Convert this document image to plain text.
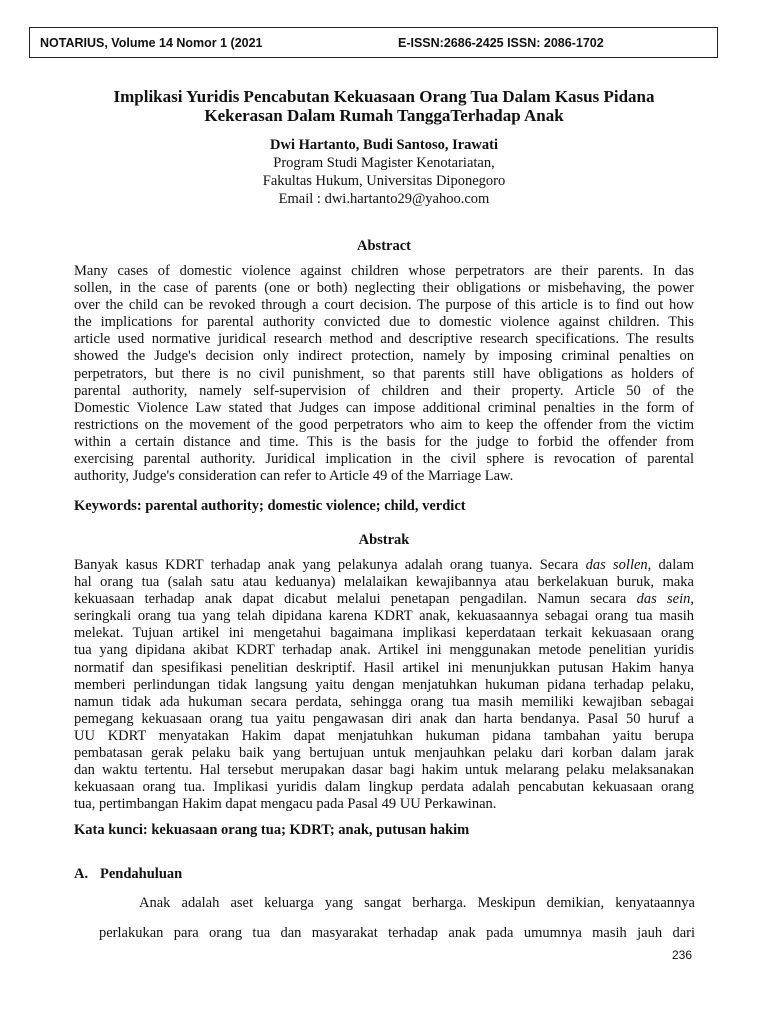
NOTARIUS, Volume 14 Nomor 1 (2021	E-ISSN:2686-2425 ISSN: 2086-1702
Implikasi Yuridis Pencabutan Kekuasaan Orang Tua Dalam Kasus Pidana
Kekerasan Dalam Rumah TanggaTerhadap Anak
Dwi Hartanto, Budi Santoso, Irawati
Program Studi Magister Kenotariatan,
Fakultas Hukum, Universitas Diponegoro
Email : dwi.hartanto29@yahoo.com
Abstract
Many cases of domestic violence against children whose perpetrators are their parents. In das
sollen, in the case of parents (one or both) neglecting their obligations or misbehaving, the power
over the child can be revoked through a court decision. The purpose of this article is to find out how
the implications for parental authority convicted due to domestic violence against children. This
article used normative juridical research method and descriptive research specifications. The results
showed the Judge's decision only indirect protection, namely by imposing criminal penalties on
perpetrators, but there is no civil punishment, so that parents still have obligations as holders of
parental authority, namely self-supervision of children and their property. Article 50 of the
Domestic Violence Law stated that Judges can impose additional criminal penalties in the form of
restrictions on the movement of the good perpetrators who aim to keep the offender from the victim
within a certain distance and time. This is the basis for the judge to forbid the offender from
exercising parental authority. Juridical implication in the civil sphere is revocation of parental
authority, Judge's consideration can refer to Article 49 of the Marriage Law.
Keywords: parental authority; domestic violence; child, verdict
Abstrak
Banyak kasus KDRT terhadap anak yang pelakunya adalah orang tuanya. Secara das sollen, dalam
hal orang tua (salah satu atau keduanya) melalaikan kewajibannya atau berkelakuan buruk, maka
kekuasaan terhadap anak dapat dicabut melalui penetapan pengadilan. Namun secara das sein,
seringkali orang tua yang telah dipidana karena KDRT anak, kekuasaannya sebagai orang tua masih
melekat. Tujuan artikel ini mengetahui bagaimana implikasi keperdataan terkait kekuasaan orang
tua yang dipidana akibat KDRT terhadap anak. Artikel ini menggunakan metode penelitian yuridis
normatif dan spesifikasi penelitian deskriptif. Hasil artikel ini menunjukkan putusan Hakim hanya
memberi perlindungan tidak langsung yaitu dengan menjatuhkan hukuman pidana terhadap pelaku,
namun tidak ada hukuman secara perdata, sehingga orang tua masih memiliki kewajiban sebagai
pemegang kekuasaan orang tua yaitu pengawasan diri anak dan harta bendanya. Pasal 50 huruf a
UU KDRT menyatakan Hakim dapat menjatuhkan hukuman pidana tambahan yaitu berupa
pembatasan gerak pelaku baik yang bertujuan untuk menjauhkan pelaku dari korban dalam jarak
dan waktu tertentu. Hal tersebut merupakan dasar bagi hakim untuk melarang pelaku melaksanakan
kekuasaan orang tua. Implikasi yuridis dalam lingkup perdata adalah pencabutan kekuasaan orang
tua, pertimbangan Hakim dapat mengacu pada Pasal 49 UU Perkawinan.
Kata kunci: kekuasaan orang tua; KDRT; anak, putusan hakim
A. Pendahuluan
Anak adalah aset keluarga yang sangat berharga. Meskipun demikian, kenyataannya
perlakukan para orang tua dan masyarakat terhadap anak pada umumnya masih jauh dari
236
